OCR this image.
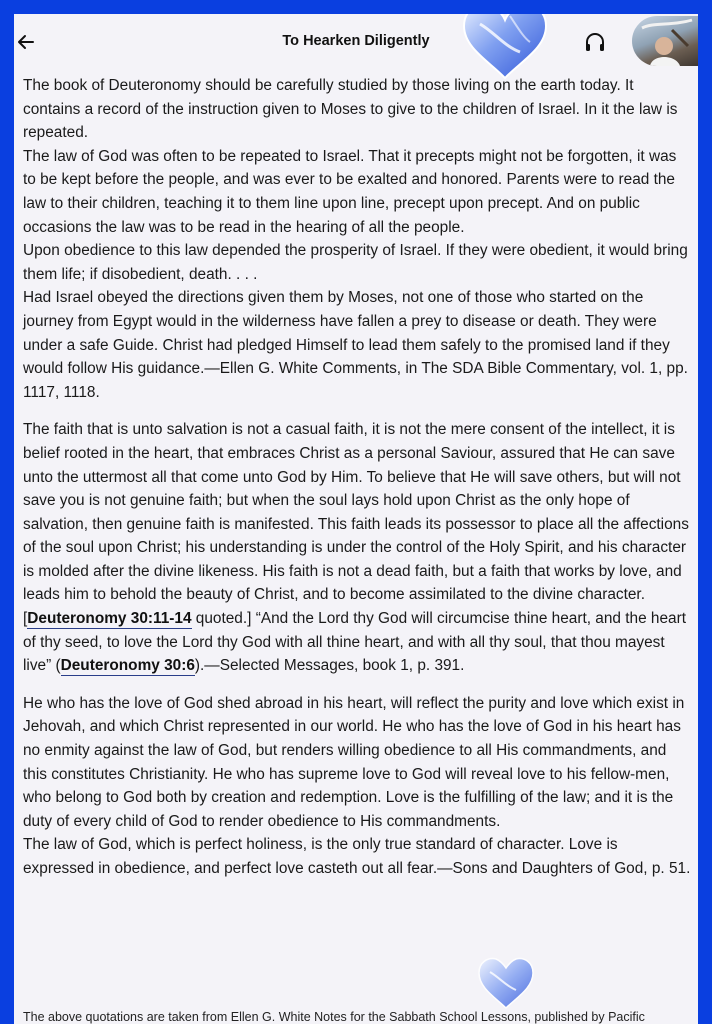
To Hearken Diligently

The book of Deuteronomy should be carefully studied by those living on the earth today. It contains a record of the instruction given to Moses to give to the children of Israel. In it the law is repeated.

The law of God was often to be repeated to Israel. That it precepts might not be forgotten, it was to be kept before the people, and was ever to be exalted and honored. Parents were to read the law to their children, teaching it to them line upon line, precept upon precept. And on public occasions the law was to be read in the hearing of all the people.

Upon obedience to this law depended the prosperity of Israel. If they were obedient, it would bring them life; if disobedient, death. . . .

Had Israel obeyed the directions given them by Moses, not one of those who started on the journey from Egypt would in the wilderness have fallen a prey to disease or death. They were under a safe Guide. Christ had pledged Himself to lead them safely to the promised land if they would follow His guidance.—Ellen G. White Comments, in The SDA Bible Commentary, vol. 1, pp. 1117, 1118.

The faith that is unto salvation is not a casual faith, it is not the mere consent of the intellect, it is belief rooted in the heart, that embraces Christ as a personal Saviour, assured that He can save unto the uttermost all that come unto God by Him. To believe that He will save others, but will not save you is not genuine faith; but when the soul lays hold upon Christ as the only hope of salvation, then genuine faith is manifested. This faith leads its possessor to place all the affections of the soul upon Christ; his understanding is under the control of the Holy Spirit, and his character is molded after the divine likeness. His faith is not a dead faith, but a faith that works by love, and leads him to behold the beauty of Christ, and to become assimilated to the divine character. [Deuteronomy 30:11-14 quoted.] “And the Lord thy God will circumcise thine heart, and the heart of thy seed, to love the Lord thy God with all thine heart, and with all thy soul, that thou mayest live” (Deuteronomy 30:6).—Selected Messages, book 1, p. 391.

He who has the love of God shed abroad in his heart, will reflect the purity and love which exist in Jehovah, and which Christ represented in our world. He who has the love of God in his heart has no enmity against the law of God, but renders willing obedience to all His commandments, and this constitutes Christianity. He who has supreme love to God will reveal love to his fellow-men, who belong to God both by creation and redemption. Love is the fulfilling of the law; and it is the duty of every child of God to render obedience to His commandments.

The law of God, which is perfect holiness, is the only true standard of character. Love is expressed in obedience, and perfect love casteth out all fear.—Sons and Daughters of God, p. 51.

The above quotations are taken from Ellen G. White Notes for the Sabbath School Lessons, published by Pacific
